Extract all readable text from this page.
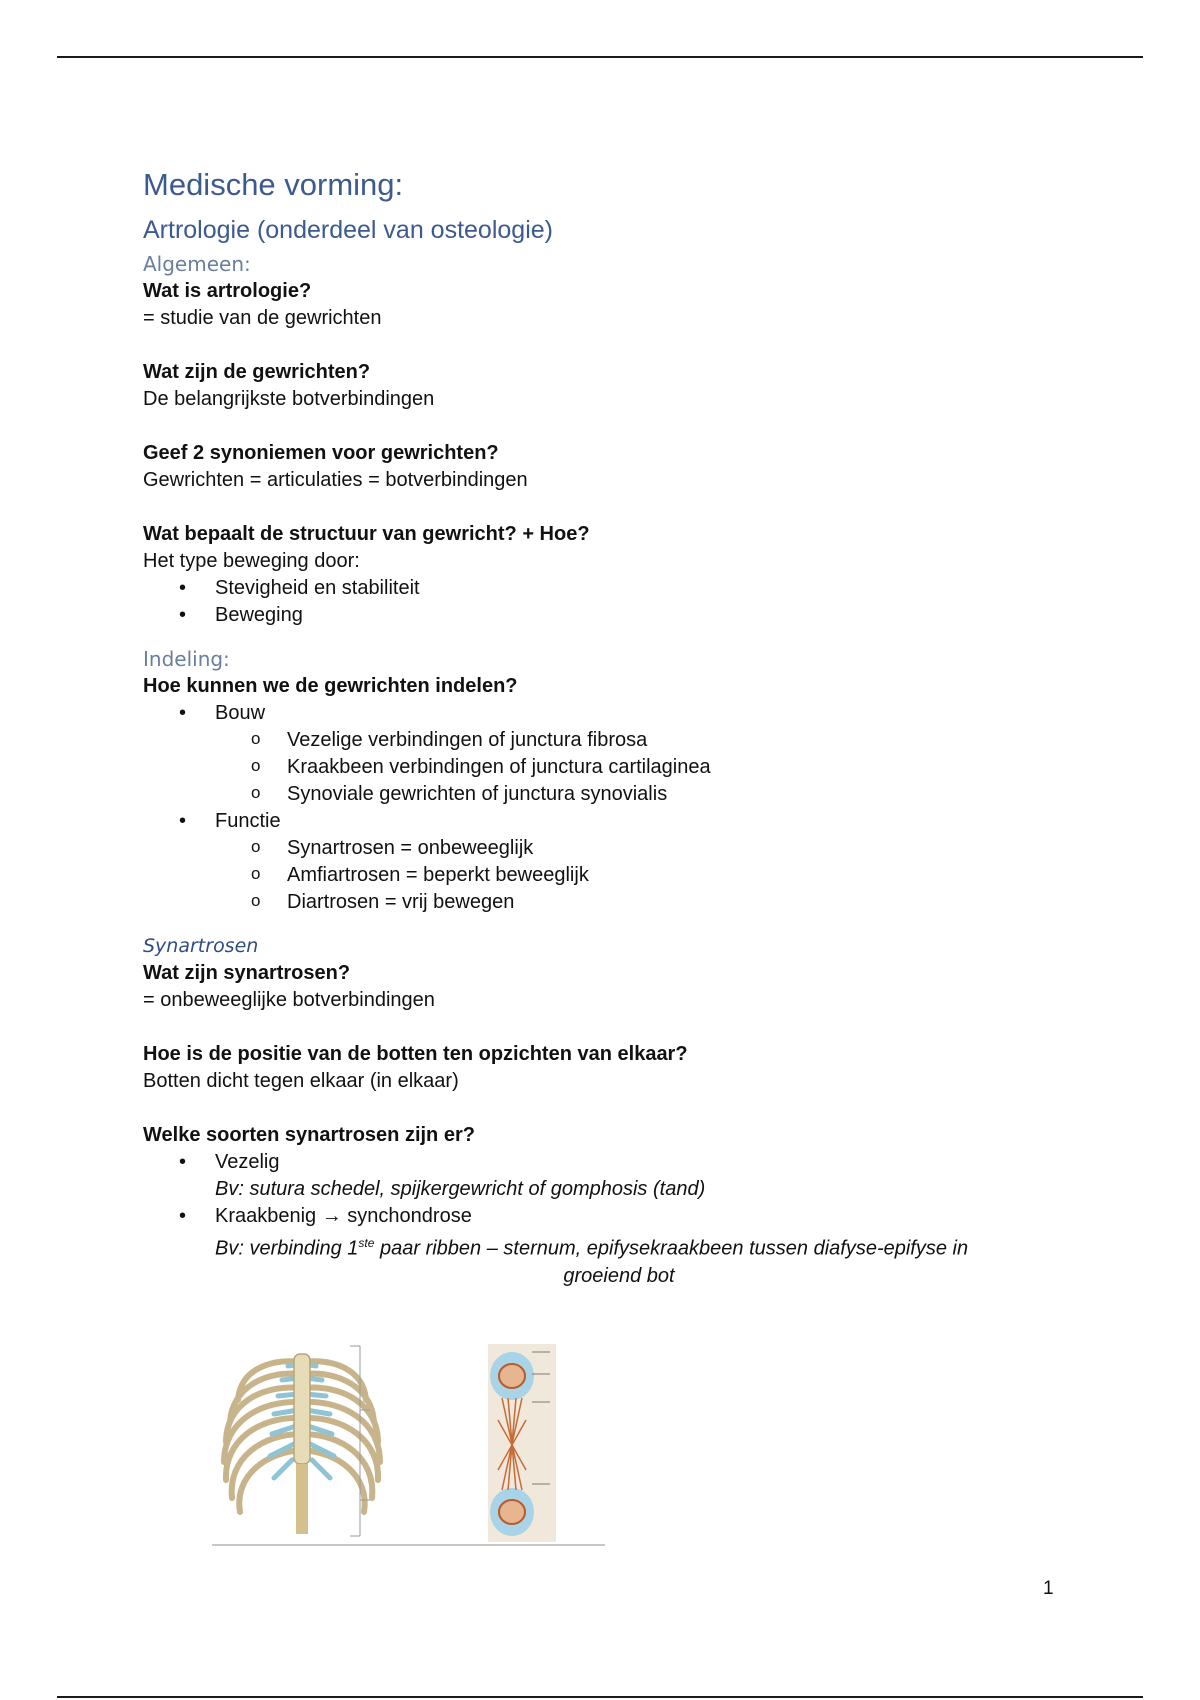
Medische vorming:
Artrologie (onderdeel van osteologie)
Algemeen:

Wat is artrologie?

= studie van de gewrichten

Wat zijn de gewrichten?

De belangrijkste botverbindingen

Geef 2 synoniemen voor gewrichten?

Gewrichten = articulaties = botverbindingen

Wat bepaalt de structuur van gewricht? + Hoe?

Het type beweging door:

• Stevigheid en stabiliteit
• Beweging
Indeling:

Hoe kunnen we de gewrichten indelen?

• Bouw
o Vezelige verbindingen of junctura fibrosa
o Kraakbeen verbindingen of junctura cartilaginea
o Synoviale gewrichten of junctura synovialis
• Functie
o Synartrosen = onbeweeglijk
o Amfiartrosen = beperkt beweeglijk
o Diartrosen = vrij bewegen
Synartrosen

Wat zijn synartrosen?

= onbeweeglijke botverbindingen

Hoe is de positie van de botten ten opzichten van elkaar?

Botten dicht tegen elkaar (in elkaar)

Welke soorten synartrosen zijn er?

• Vezelig
Bv: sutura schedel, spijkergewricht of gomphosis (tand)
• Kraakbenig → synchondrose
Bv: verbinding 1ste paar ribben – sternum, epifysekraakbeen tussen diafyse-epifyse in
groeiend bot
1
